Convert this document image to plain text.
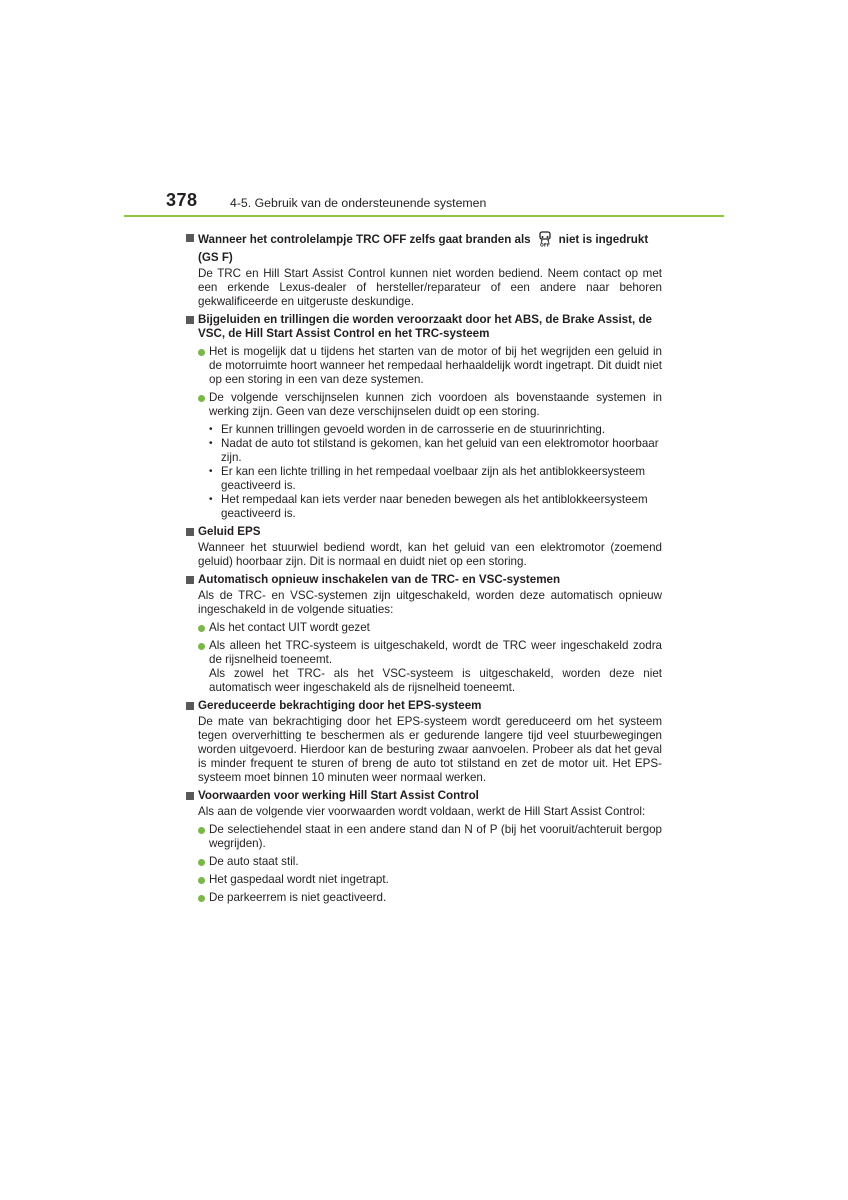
378	4-5. Gebruik van de ondersteunende systemen
Wanneer het controlelampje TRC OFF zelfs gaat branden als
OFF
niet is ingedrukt
(GS F)
De TRC en Hill Start Assist Control kunnen niet worden bediend. Neem contact op met een erkende Lexus-dealer of hersteller/reparateur of een andere naar behoren gekwalificeerde en uitgeruste deskundige.
Bijgeluiden en trillingen die worden veroorzaakt door het ABS, de Brake Assist, de VSC, de Hill Start Assist Control en het TRC-systeem
Het is mogelijk dat u tijdens het starten van de motor of bij het wegrijden een geluid in de motorruimte hoort wanneer het rempedaal herhaaldelijk wordt ingetrapt. Dit duidt niet op een storing in een van deze systemen.
De volgende verschijnselen kunnen zich voordoen als bovenstaande systemen in werking zijn. Geen van deze verschijnselen duidt op een storing.
• Er kunnen trillingen gevoeld worden in de carrosserie en de stuurinrichting.
• Nadat de auto tot stilstand is gekomen, kan het geluid van een elektromotor hoorbaar zijn.
• Er kan een lichte trilling in het rempedaal voelbaar zijn als het antiblokkeersysteem geactiveerd is.
• Het rempedaal kan iets verder naar beneden bewegen als het antiblokkeersysteem geactiveerd is.
Geluid EPS
Wanneer het stuurwiel bediend wordt, kan het geluid van een elektromotor (zoemend geluid) hoorbaar zijn. Dit is normaal en duidt niet op een storing.
Automatisch opnieuw inschakelen van de TRC- en VSC-systemen
Als de TRC- en VSC-systemen zijn uitgeschakeld, worden deze automatisch opnieuw ingeschakeld in de volgende situaties:
Als het contact UIT wordt gezet
Als alleen het TRC-systeem is uitgeschakeld, wordt de TRC weer ingeschakeld zodra de rijsnelheid toeneemt.
Als zowel het TRC- als het VSC-systeem is uitgeschakeld, worden deze niet automatisch weer ingeschakeld als de rijsnelheid toeneemt.
Gereduceerde bekrachtiging door het EPS-systeem
De mate van bekrachtiging door het EPS-systeem wordt gereduceerd om het systeem tegen oververhitting te beschermen als er gedurende langere tijd veel stuurbewegingen worden uitgevoerd. Hierdoor kan de besturing zwaar aanvoelen. Probeer als dat het geval is minder frequent te sturen of breng de auto tot stilstand en zet de motor uit. Het EPS-systeem moet binnen 10 minuten weer normaal werken.
Voorwaarden voor werking Hill Start Assist Control
Als aan de volgende vier voorwaarden wordt voldaan, werkt de Hill Start Assist Control:
De selectiehendel staat in een andere stand dan N of P (bij het vooruit/achteruit bergop wegrijden).
De auto staat stil.
Het gaspedaal wordt niet ingetrapt.
De parkeerrem is niet geactiveerd.
